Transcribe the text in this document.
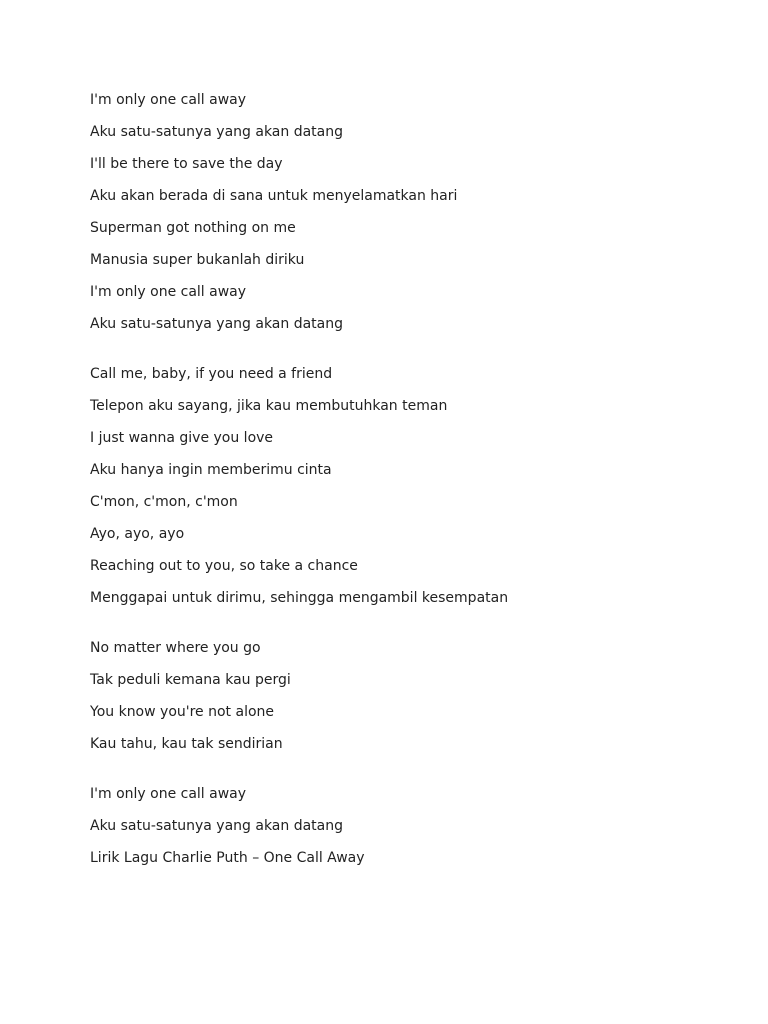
I'm only one call away
Aku satu-satunya yang akan datang
I'll be there to save the day
Aku akan berada di sana untuk menyelamatkan hari
Superman got nothing on me
Manusia super bukanlah diriku
I'm only one call away
Aku satu-satunya yang akan datang
Call me, baby, if you need a friend
Telepon aku sayang, jika kau membutuhkan teman
I just wanna give you love
Aku hanya ingin memberimu cinta
C'mon, c'mon, c'mon
Ayo, ayo, ayo
Reaching out to you, so take a chance
Menggapai untuk dirimu, sehingga mengambil kesempatan
No matter where you go
Tak peduli kemana kau pergi
You know you're not alone
Kau tahu, kau tak sendirian
I'm only one call away
Aku satu-satunya yang akan datang
Lirik Lagu Charlie Puth – One Call Away
